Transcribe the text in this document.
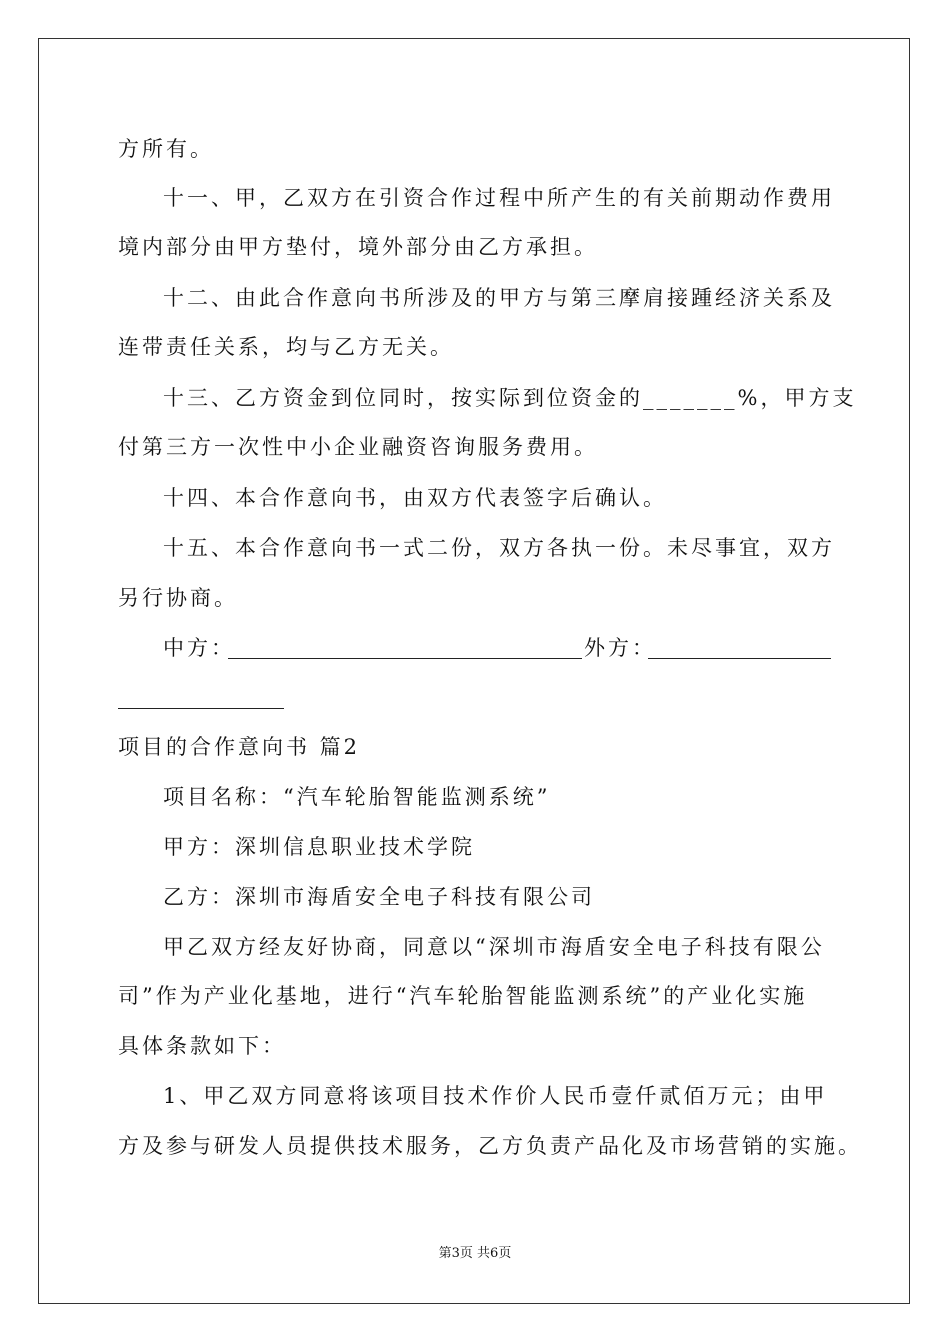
方所有。
十一、甲，乙双方在引资合作过程中所产生的有关前期动作费用
境内部分由甲方垫付，境外部分由乙方承担。
十二、由此合作意向书所涉及的甲方与第三摩肩接踵经济关系及
连带责任关系，均与乙方无关。
十三、乙方资金到位同时，按实际到位资金的_______%，甲方支
付第三方一次性中小企业融资咨询服务费用。
十四、本合作意向书，由双方代表签字后确认。
十五、本合作意向书一式二份，双方各执一份。未尽事宜，双方
另行协商。
中方：	外方：
项目的合作意向书 篇2
项目名称：“汽车轮胎智能监测系统”
甲方：深圳信息职业技术学院
乙方：深圳市海盾安全电子科技有限公司
甲乙双方经友好协商，同意以“深圳市海盾安全电子科技有限公
司”作为产业化基地，进行“汽车轮胎智能监测系统”的产业化实施
具体条款如下：
1、甲乙双方同意将该项目技术作价人民币壹仟贰佰万元；由甲
方及参与研发人员提供技术服务，乙方负责产品化及市场营销的实施。
第3页 共6页
